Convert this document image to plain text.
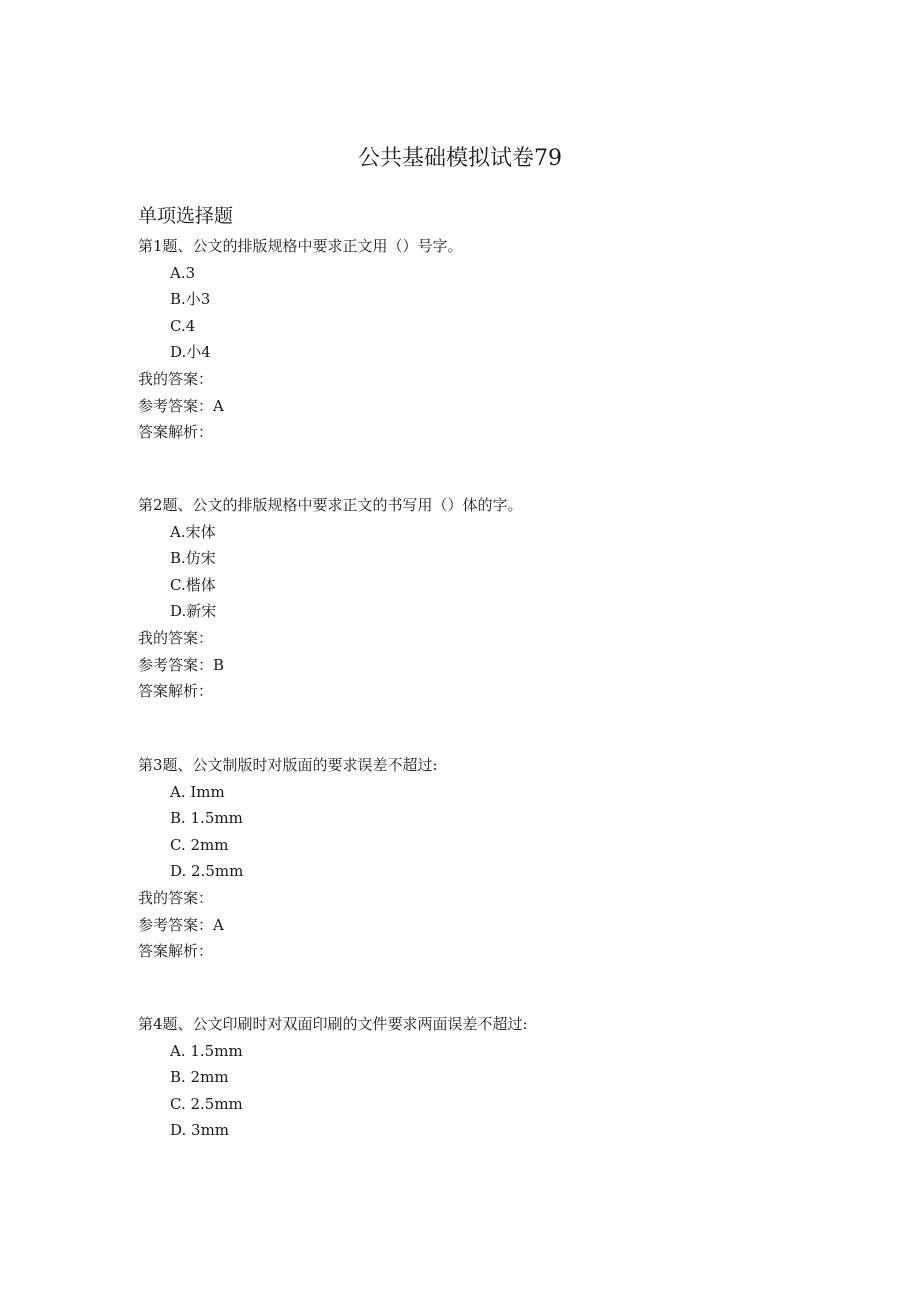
公共基础模拟试卷79
单项选择题
第1题、公文的排版规格中要求正文用（）号字。
A.3
B.小3
C.4
D.小4
我的答案：
参考答案：A
答案解析：
第2题、公文的排版规格中要求正文的书写用（）体的字。
A.宋体
B.仿宋
C.楷体
D.新宋
我的答案：
参考答案：B
答案解析：
第3题、公文制版时对版面的要求误差不超过:
A. Imm
B. 1.5mm
C. 2mm
D. 2.5mm
我的答案：
参考答案：A
答案解析：
第4题、公文印刷时对双面印刷的文件要求两面误差不超过:
A. 1.5mm
B. 2mm
C. 2.5mm
D. 3mm
